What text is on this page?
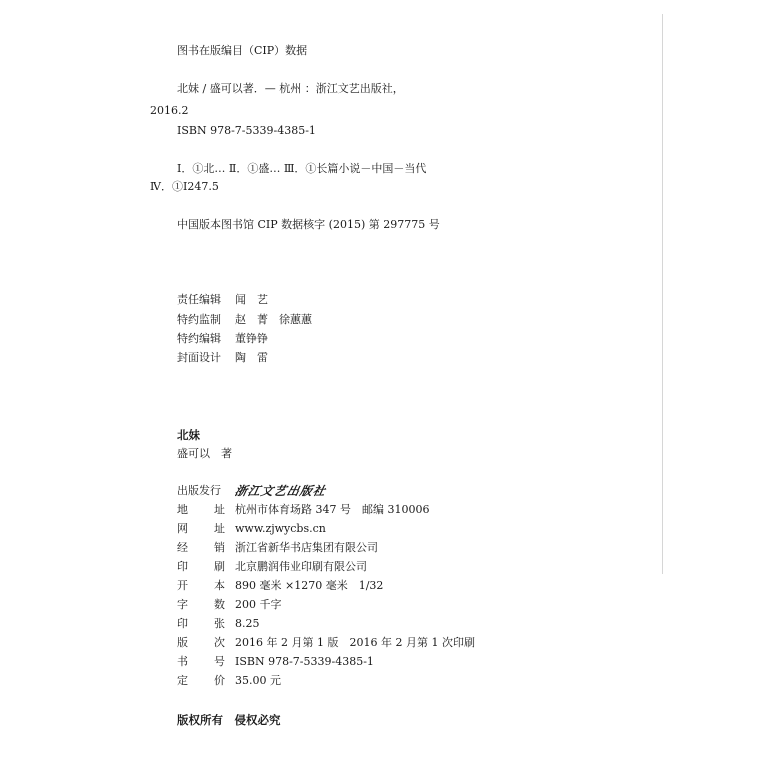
图书在版编目（CIP）数据
北妹 / 盛可以著．— 杭州 ：浙江文艺出版社，
2016.2
ISBN 978-7-5339-4385-1
Ⅰ．①北… Ⅱ．①盛… Ⅲ．①长篇小说－中国－当代
Ⅳ．①I247.5
中国版本图书馆 CIP 数据核字 (2015) 第 297775 号
责任编辑 闻　艺
特约监制 赵　菁　徐蕙蕙
特约编辑 董铮铮
封面设计 陶　雷
北妹
盛可以　著
出版发行 浙江文艺出版社
地 址 杭州市体育场路 347 号　邮编 310006
网 址 www.zjwycbs.cn
经 销 浙江省新华书店集团有限公司
印 刷 北京鹏润伟业印刷有限公司
开 本 890 毫米 ×1270 毫米　1/32
字 数 200 千字
印 张 8.25
版 次 2016 年 2 月第 1 版　2016 年 2 月第 1 次印刷
书 号 ISBN 978-7-5339-4385-1
定 价 35.00 元
版权所有　侵权必究
